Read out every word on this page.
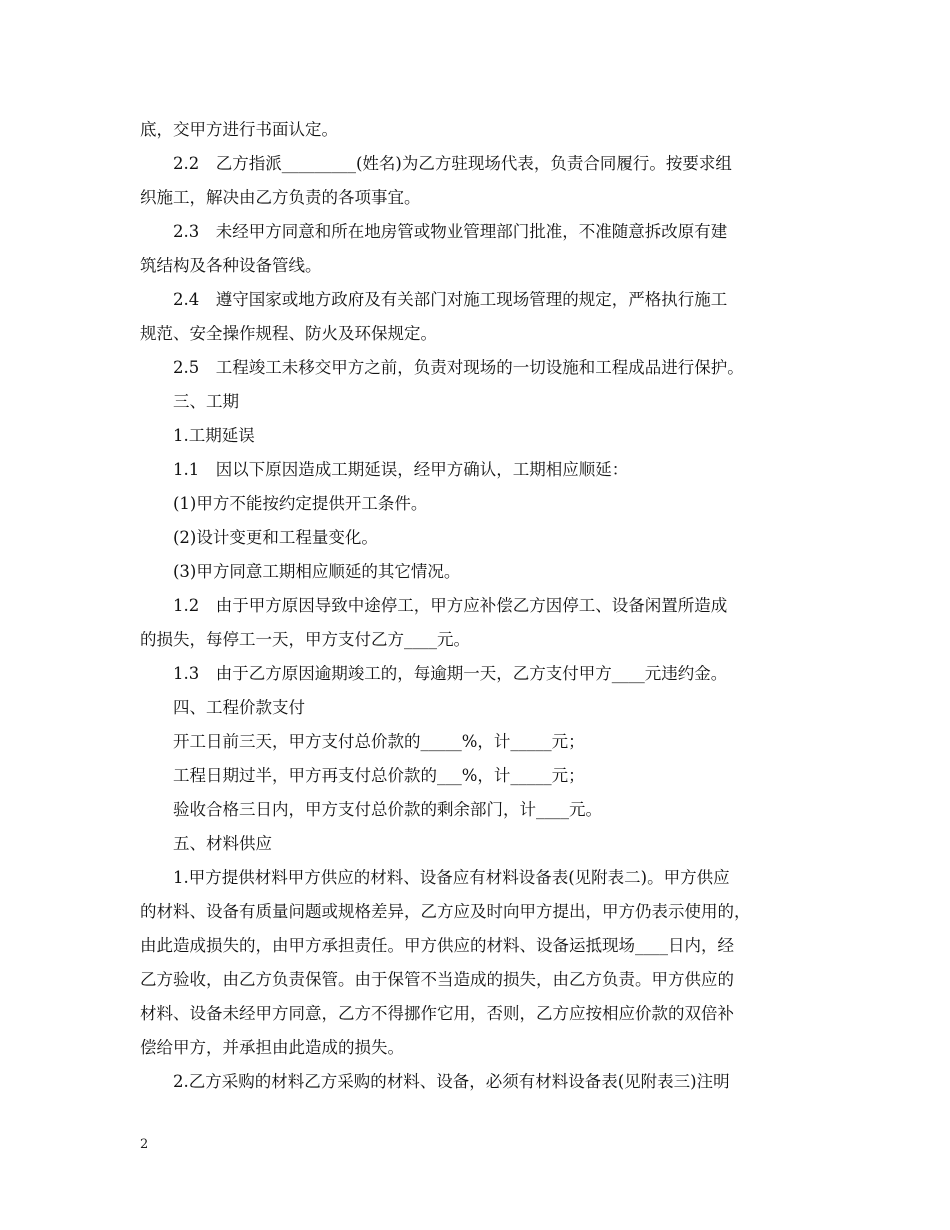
底，交甲方进行书面认定。
2.2　乙方指派_________(姓名)为乙方驻现场代表，负责合同履行。按要求组
织施工，解决由乙方负责的各项事宜。
2.3　未经甲方同意和所在地房管或物业管理部门批准，不准随意拆改原有建
筑结构及各种设备管线。
2.4　遵守国家或地方政府及有关部门对施工现场管理的规定，严格执行施工
规范、安全操作规程、防火及环保规定。
2.5　工程竣工未移交甲方之前，负责对现场的一切设施和工程成品进行保护。
三、工期
1.工期延误
1.1　因以下原因造成工期延误，经甲方确认，工期相应顺延：
(1)甲方不能按约定提供开工条件。
(2)设计变更和工程量变化。
(3)甲方同意工期相应顺延的其它情况。
1.2　由于甲方原因导致中途停工，甲方应补偿乙方因停工、设备闲置所造成
的损失，每停工一天，甲方支付乙方____元。
1.3　由于乙方原因逾期竣工的，每逾期一天，乙方支付甲方____元违约金。
四、工程价款支付
开工日前三天，甲方支付总价款的_____%，计_____元；
工程日期过半，甲方再支付总价款的___%，计_____元；
验收合格三日内，甲方支付总价款的剩余部门，计____元。
五、材料供应
1.甲方提供材料甲方供应的材料、设备应有材料设备表(见附表二)。甲方供应
的材料、设备有质量问题或规格差异，乙方应及时向甲方提出，甲方仍表示使用的，
由此造成损失的，由甲方承担责任。甲方供应的材料、设备运抵现场____日内，经
乙方验收，由乙方负责保管。由于保管不当造成的损失，由乙方负责。甲方供应的
材料、设备未经甲方同意，乙方不得挪作它用，否则，乙方应按相应价款的双倍补
偿给甲方，并承担由此造成的损失。
2.乙方采购的材料乙方采购的材料、设备，必须有材料设备表(见附表三)注明
2
